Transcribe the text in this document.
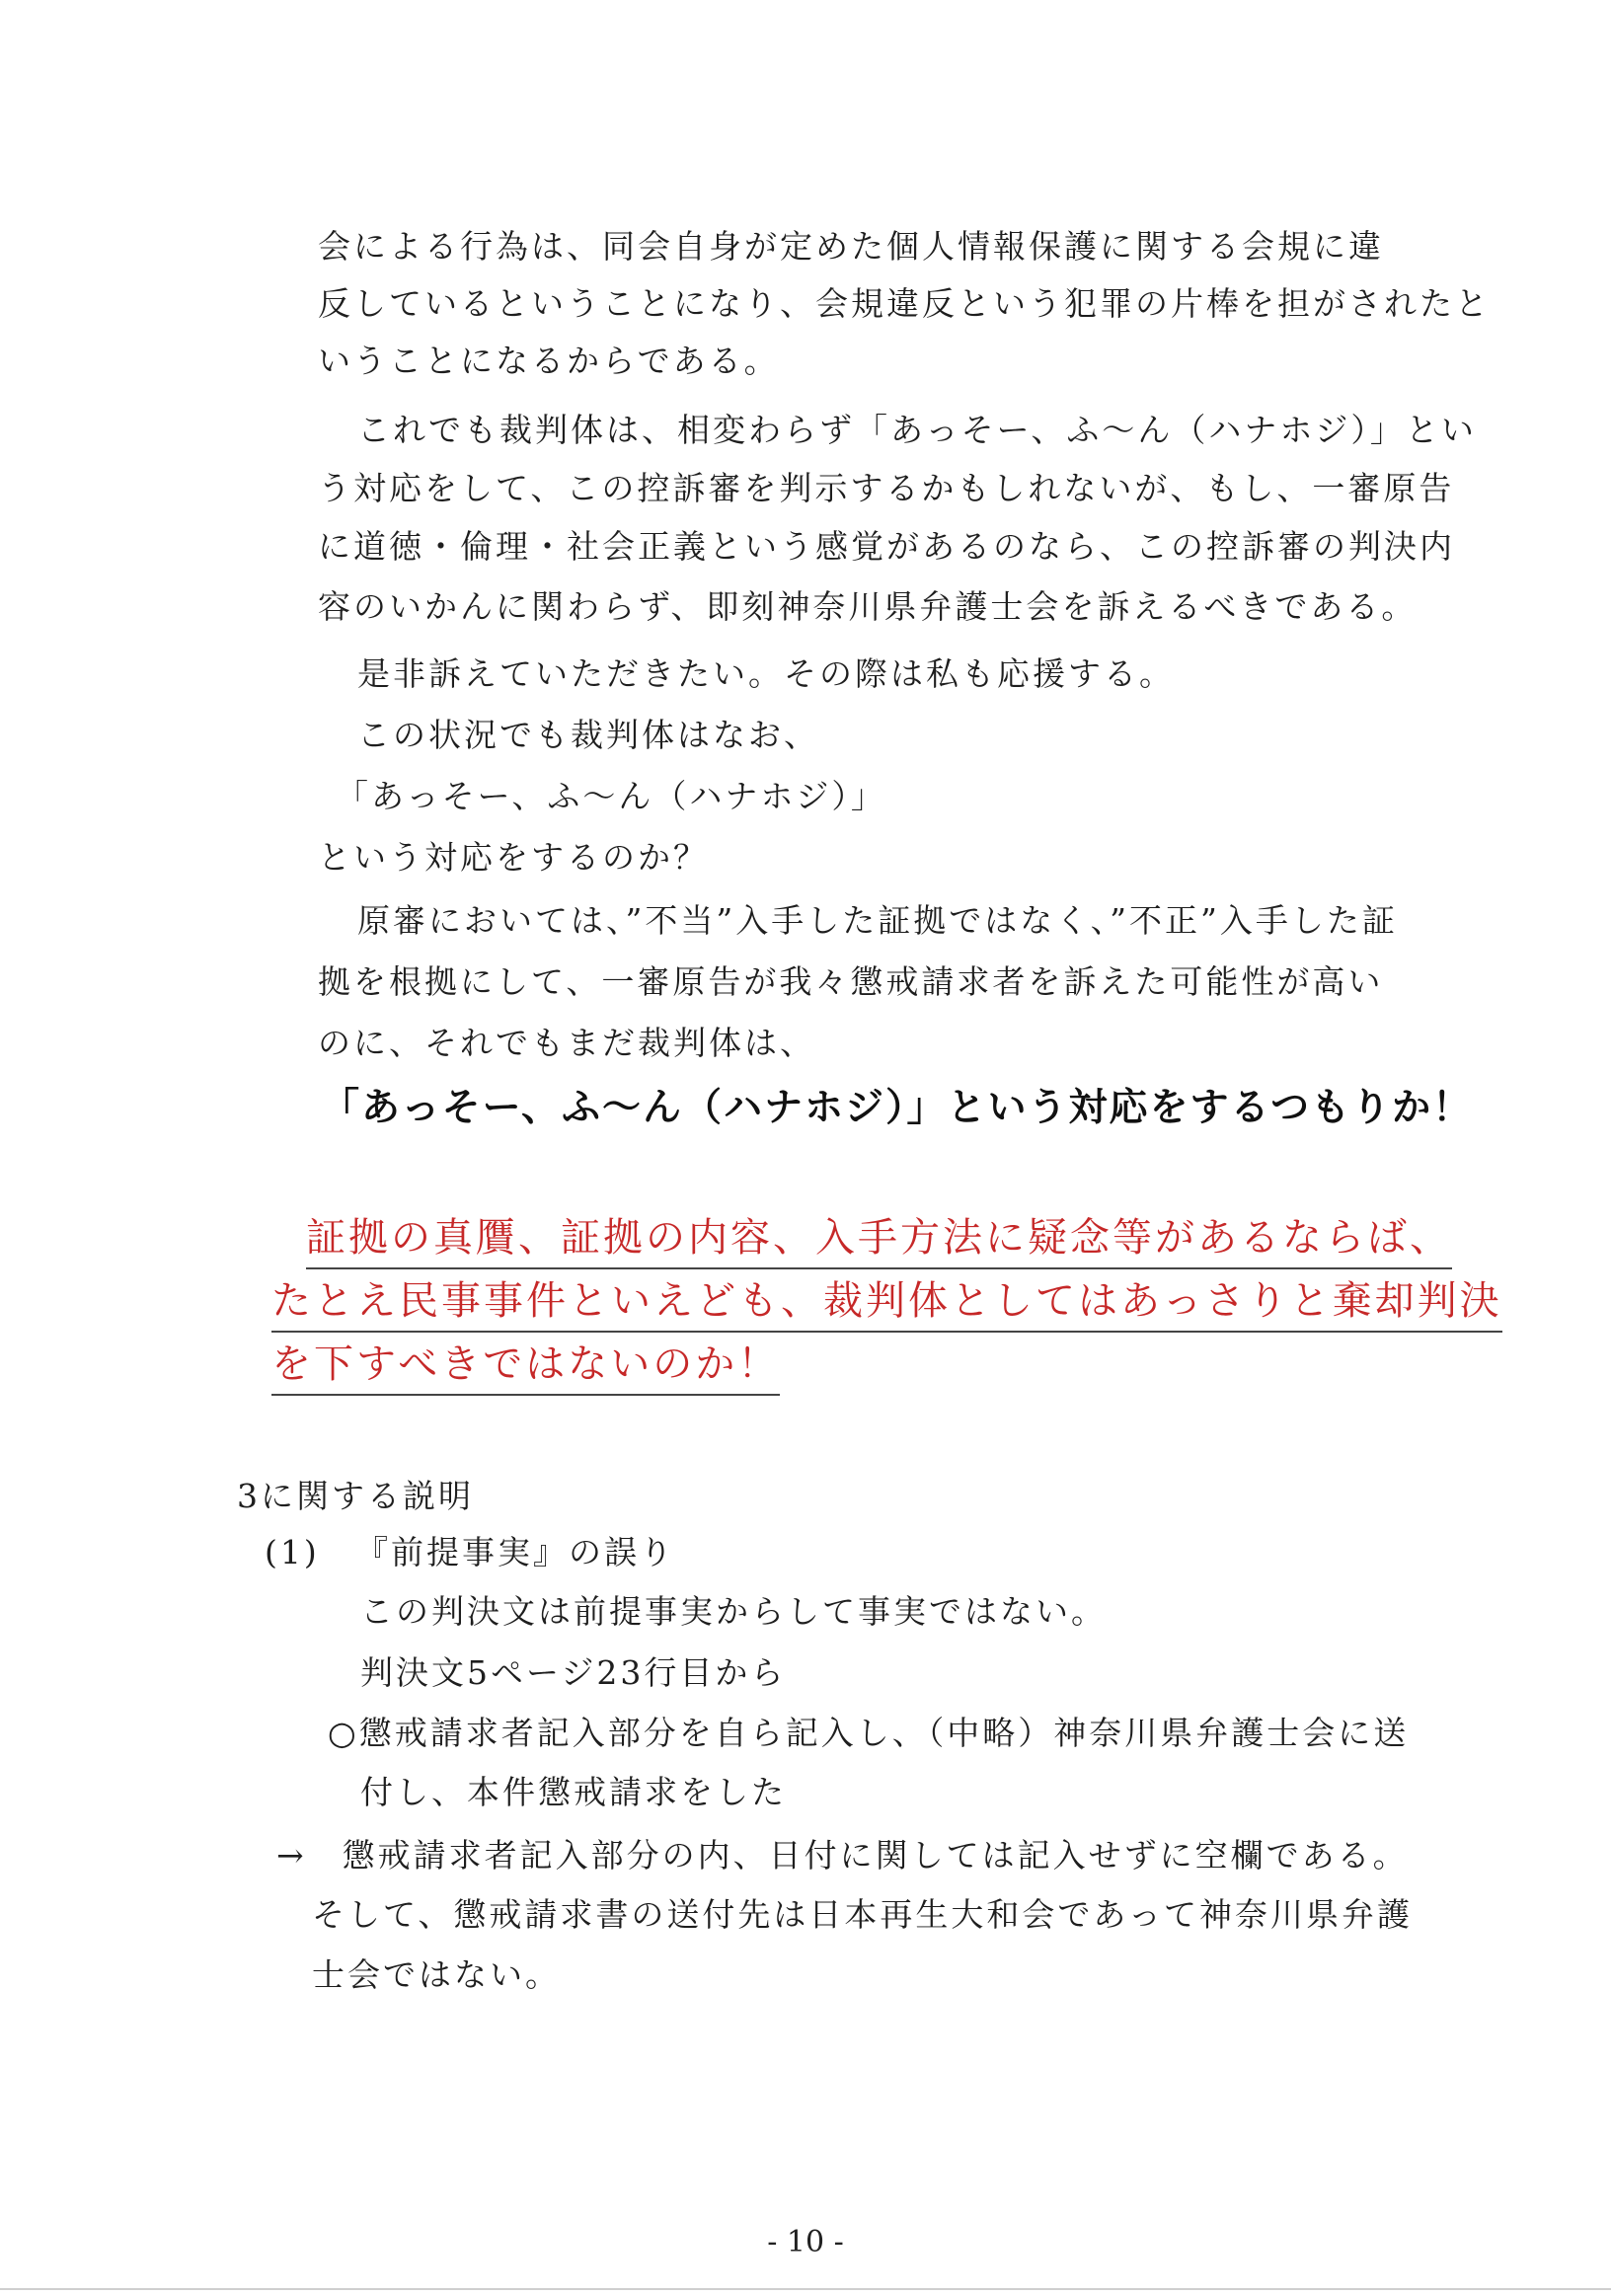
会による行為は、同会自身が定めた個人情報保護に関する会規に違
反しているということになり、会規違反という犯罪の片棒を担がされたと
いうことになるからである。
これでも裁判体は、相変わらず「あっそー、ふ～ん（ハナホジ）」とい
う対応をして、この控訴審を判示するかもしれないが、もし、一審原告
に道徳・倫理・社会正義という感覚があるのなら、この控訴審の判決内
容のいかんに関わらず、即刻神奈川県弁護士会を訴えるべきである。
是非訴えていただきたい。その際は私も応援する。
この状況でも裁判体はなお、
「あっそー、ふ～ん（ハナホジ）」
という対応をするのか？
原審においては、”不当”入手した証拠ではなく、”不正”入手した証
拠を根拠にして、一審原告が我々懲戒請求者を訴えた可能性が高い
のに、それでもまだ裁判体は、
「あっそー、ふ～ん（ハナホジ）」という対応をするつもりか！
証拠の真贋、証拠の内容、入手方法に疑念等があるならば、
たとえ民事事件といえども、裁判体としてはあっさりと棄却判決
を下すべきではないのか！
3に関する説明
(1) 『前提事実』の誤り
この判決文は前提事実からして事実ではない。
判決文5ページ23行目から
○懲戒請求者記入部分を自ら記入し、（中略）神奈川県弁護士会に送
付し、本件懲戒請求をした
→　懲戒請求者記入部分の内、日付に関しては記入せずに空欄である。
そして、懲戒請求書の送付先は日本再生大和会であって神奈川県弁護
士会ではない。
- 10 -
